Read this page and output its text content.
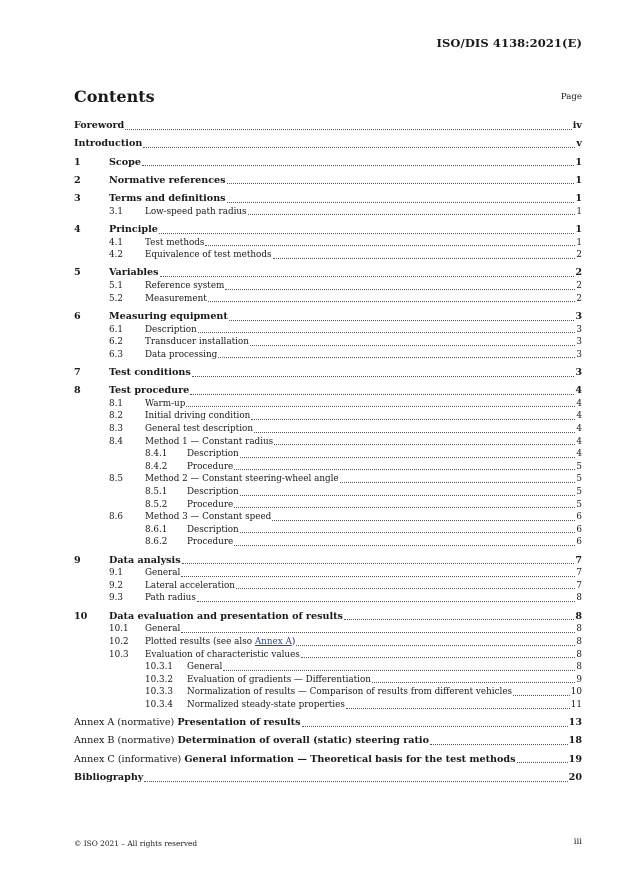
ISO/DIS 4138:2021(E)
Contents	Page
Foreword	iv
Introduction	v
1	Scope	1
2	Normative references	1
3	Terms and definitions	1
3.1	Low-speed path radius	1
4	Principle	1
4.1	Test methods	1
4.2	Equivalence of test methods	2
5	Variables	2
5.1	Reference system	2
5.2	Measurement	2
6	Measuring equipment	3
6.1	Description	3
6.2	Transducer installation	3
6.3	Data processing	3
7	Test conditions	3
8	Test procedure	4
8.1	Warm-up	4
8.2	Initial driving condition	4
8.3	General test description	4
8.4	Method 1 — Constant radius	4
8.4.1	Description	4
8.4.2	Procedure	5
8.5	Method 2 — Constant steering-wheel angle	5
8.5.1	Description	5
8.5.2	Procedure	5
8.6	Method 3 — Constant speed	6
8.6.1	Description	6
8.6.2	Procedure	6
9	Data analysis	7
9.1	General	7
9.2	Lateral acceleration	7
9.3	Path radius	8
10	Data evaluation and presentation of results	8
10.1	General	8
10.2	Plotted results (see also Annex A)	8
10.3	Evaluation of characteristic values	8
10.3.1	General	8
10.3.2	Evaluation of gradients — Differentiation	9
10.3.3	Normalization of results — Comparison of results from different vehicles	10
10.3.4	Normalized steady-state properties	11
Annex A (normative) Presentation of results	13
Annex B (normative) Determination of overall (static) steering ratio	18
Annex C (informative) General information — Theoretical basis for the test methods	19
Bibliography	20
© ISO 2021 – All rights reserved	iii
